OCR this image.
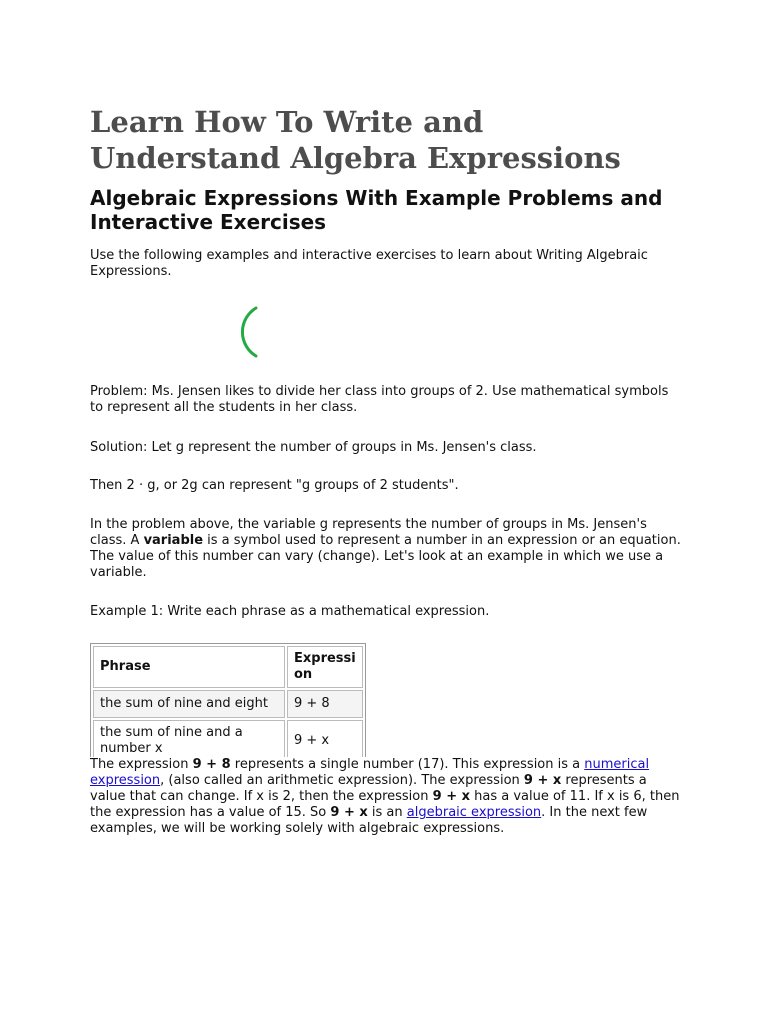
Learn How To Write and Understand Algebra Expressions
Algebraic Expressions With Example Problems and Interactive Exercises

Use the following examples and interactive exercises to learn about Writing Algebraic Expressions.

Problem: Ms. Jensen likes to divide her class into groups of 2. Use mathematical symbols to represent all the students in her class.

Solution: Let g represent the number of groups in Ms. Jensen's class.

Then 2 · g, or 2g can represent "g groups of 2 students".

In the problem above, the variable g represents the number of groups in Ms. Jensen's class. A variable is a symbol used to represent a number in an expression or an equation. The value of this number can vary (change). Let's look at an example in which we use a variable.

Example 1: Write each phrase as a mathematical expression.

Phrase	Expressi on
the sum of nine and eight	9 + 8
the sum of nine and a number x	9 + x

The expression 9 + 8 represents a single number (17). This expression is a numerical expression, (also called an arithmetic expression). The expression 9 + x represents a value that can change. If x is 2, then the expression 9 + x has a value of 11. If x is 6, then the expression has a value of 15. So 9 + x is an algebraic expression. In the next few examples, we will be working solely with algebraic expressions.
